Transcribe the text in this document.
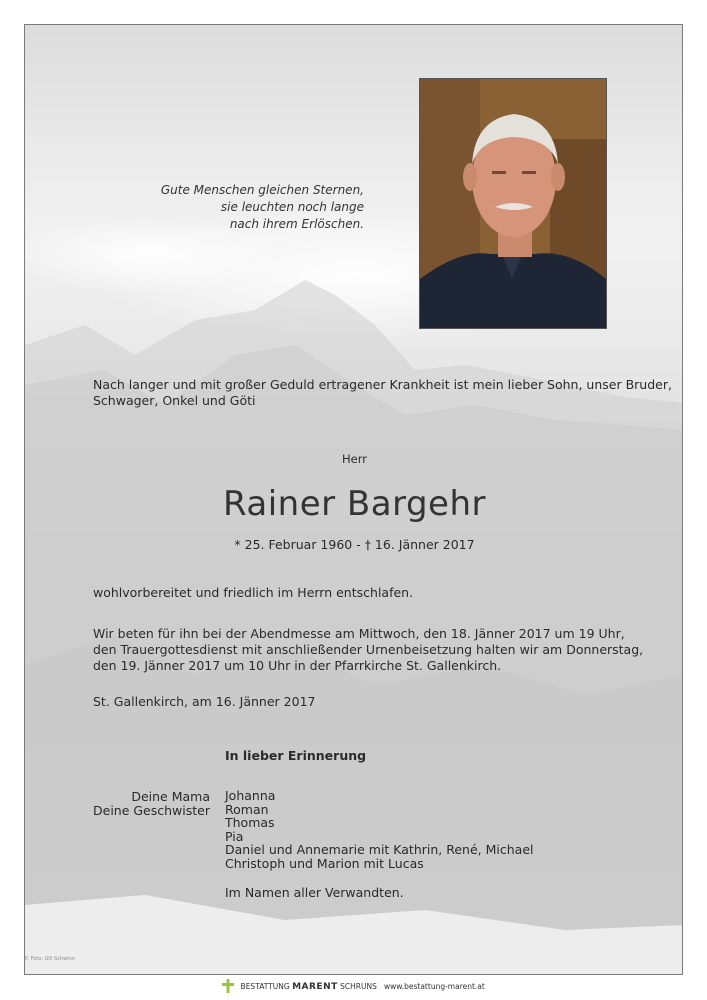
Gute Menschen gleichen Sternen,
sie leuchten noch lange
nach ihrem Erlöschen.
Nach langer und mit großer Geduld ertragener Krankheit ist mein lieber Sohn, unser Bruder,
Schwager, Onkel und Göti
Herr
Rainer Bargehr
* 25. Februar 1960 - † 16. Jänner 2017
wohlvorbereitet und friedlich im Herrn entschlafen.
Wir beten für ihn bei der Abendmesse am Mittwoch, den 18. Jänner 2017 um 19 Uhr,
den Trauergottesdienst mit anschließender Urnenbeisetzung halten wir am Donnerstag,
den 19. Jänner 2017 um 10 Uhr in der Pfarrkirche St. Gallenkirch.
St. Gallenkirch, am 16. Jänner 2017
In lieber Erinnerung
Deine Mama
Deine Geschwister
Johanna
Roman
Thomas
Pia
Daniel und Annemarie mit Kathrin, René, Michael
Christoph und Marion mit Lucas
Im Namen aller Verwandten.
© Foto: Ulli Schwinn
BESTATTUNG MARENT SCHRUNS www.bestattung-marent.at
